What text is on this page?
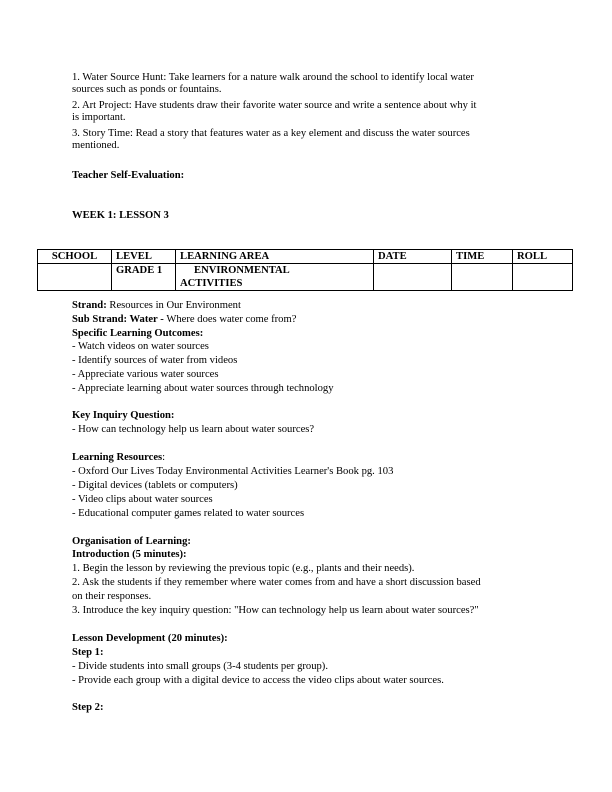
1. Water Source Hunt: Take learners for a nature walk around the school to identify local water
sources such as ponds or fountains.
2. Art Project: Have students draw their favorite water source and write a sentence about why it
is important.
3. Story Time: Read a story that features water as a key element and discuss the water sources
mentioned.
Teacher Self-Evaluation:
WEEK 1: LESSON 3
SCHOOL	LEVEL	LEARNING AREA	DATE	TIME	ROLL
	GRADE 1	ENVIRONMENTAL
ACTIVITIES			

Strand: Resources in Our Environment
Sub Strand: Water - Where does water come from?
Specific Learning Outcomes:
- Watch videos on water sources
- Identify sources of water from videos
- Appreciate various water sources
- Appreciate learning about water sources through technology
Key Inquiry Question:
- How can technology help us learn about water sources?
Learning Resources:
- Oxford Our Lives Today Environmental Activities Learner's Book pg. 103
- Digital devices (tablets or computers)
- Video clips about water sources
- Educational computer games related to water sources
Organisation of Learning:
Introduction (5 minutes):
1. Begin the lesson by reviewing the previous topic (e.g., plants and their needs).
2. Ask the students if they remember where water comes from and have a short discussion based
on their responses.
3. Introduce the key inquiry question: "How can technology help us learn about water sources?"
Lesson Development (20 minutes):
Step 1:
- Divide students into small groups (3-4 students per group).
- Provide each group with a digital device to access the video clips about water sources.
Step 2:
